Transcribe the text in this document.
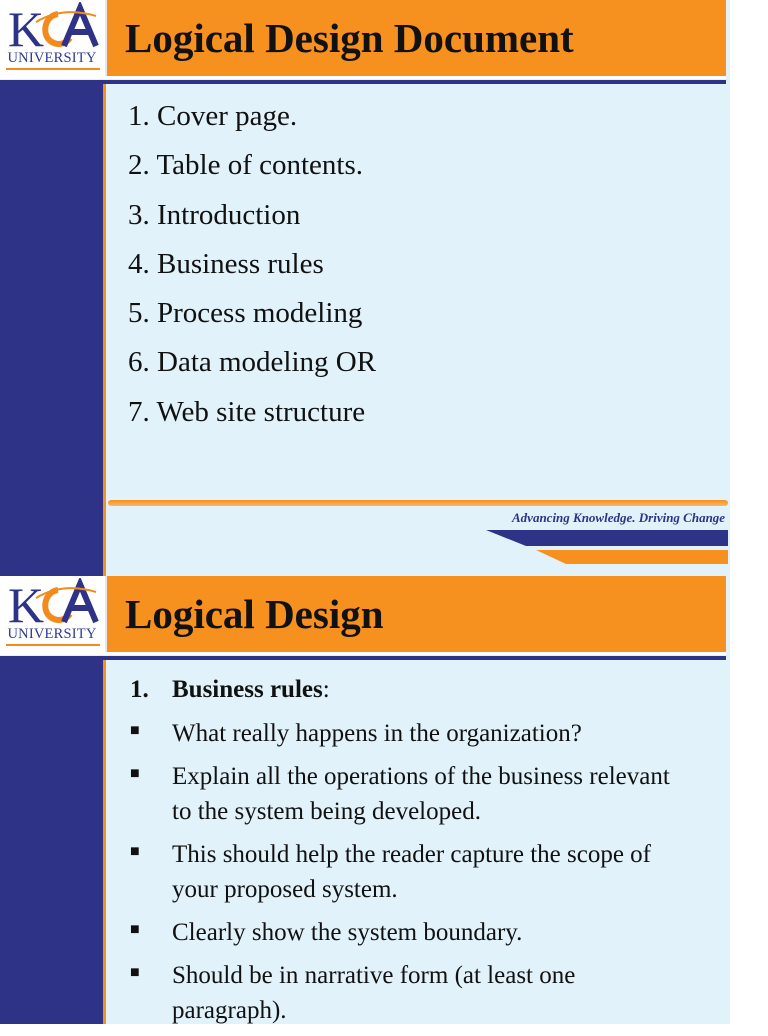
K
UNIVERSITY Logical Design Document
1. Cover page.
2. Table of contents.
3. Introduction
4. Business rules
5. Process modeling
6. Data modeling OR
7. Web site structure
Advancing Knowledge. Driving Change
K
UNIVERSITY Logical Design
1. Business rules:
■ What really happens in the organization?
■ Explain all the operations of the business relevant to the system being developed.
■ This should help the reader capture the scope of your proposed system.
■ Clearly show the system boundary.
■ Should be in narrative form (at least one paragraph).
